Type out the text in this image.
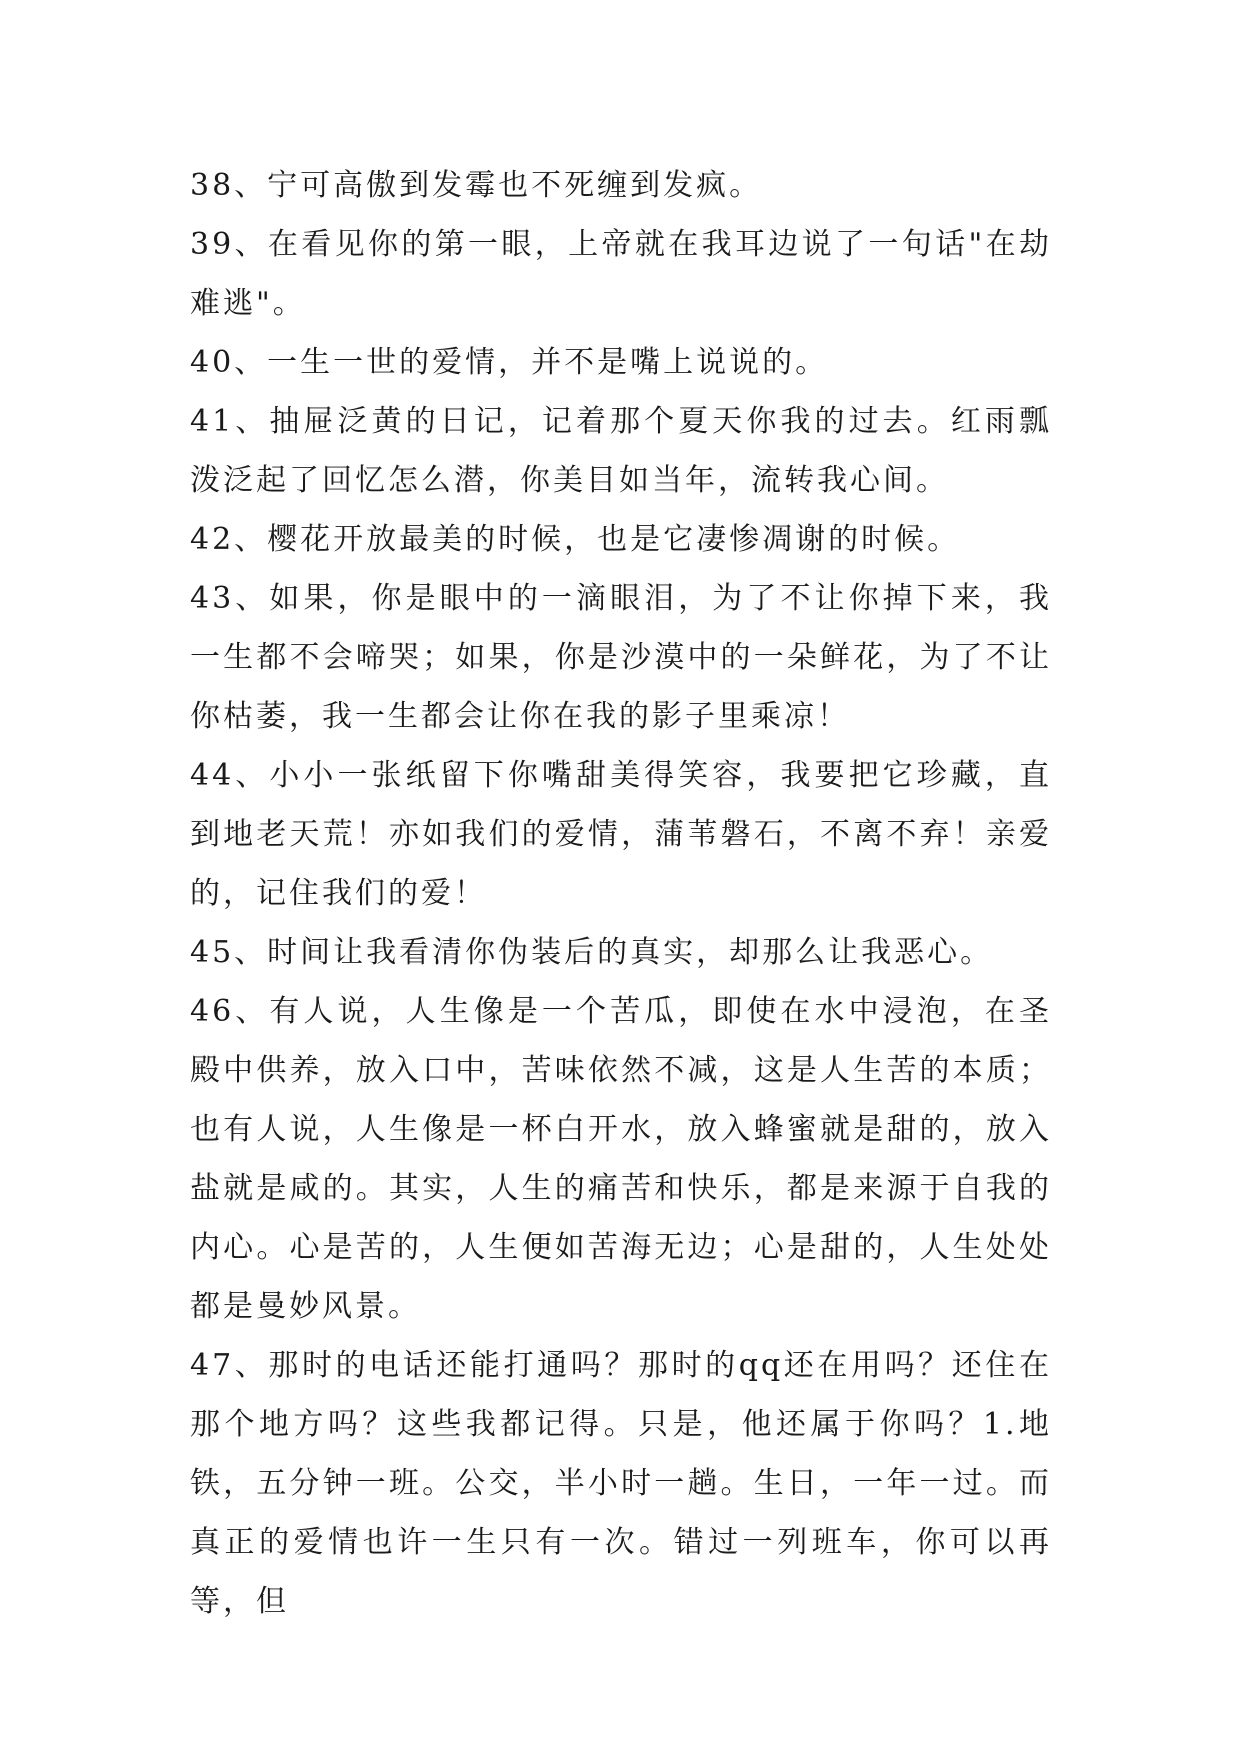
38、宁可高傲到发霉也不死缠到发疯。

39、在看见你的第一眼，上帝就在我耳边说了一句话"在劫难逃"。

40、一生一世的爱情，并不是嘴上说说的。

41、抽屉泛黄的日记，记着那个夏天你我的过去。红雨瓢泼泛起了回忆怎么潜，你美目如当年，流转我心间。

42、樱花开放最美的时候，也是它凄惨凋谢的时候。

43、如果，你是眼中的一滴眼泪，为了不让你掉下来，我一生都不会啼哭；如果，你是沙漠中的一朵鲜花，为了不让你枯萎，我一生都会让你在我的影子里乘凉！

44、小小一张纸留下你嘴甜美得笑容，我要把它珍藏，直到地老天荒！亦如我们的爱情，蒲苇磐石，不离不弃！亲爱的，记住我们的爱！

45、时间让我看清你伪装后的真实，却那么让我恶心。

46、有人说，人生像是一个苦瓜，即使在水中浸泡，在圣殿中供养，放入口中，苦味依然不减，这是人生苦的本质；也有人说，人生像是一杯白开水，放入蜂蜜就是甜的，放入盐就是咸的。其实，人生的痛苦和快乐，都是来源于自我的内心。心是苦的，人生便如苦海无边；心是甜的，人生处处都是曼妙风景。

47、那时的电话还能打通吗？那时的qq还在用吗？还住在那个地方吗？这些我都记得。只是，他还属于你吗？1.地铁，五分钟一班。公交，半小时一趟。生日，一年一过。而真正的爱情也许一生只有一次。错过一列班车，你可以再等，但
